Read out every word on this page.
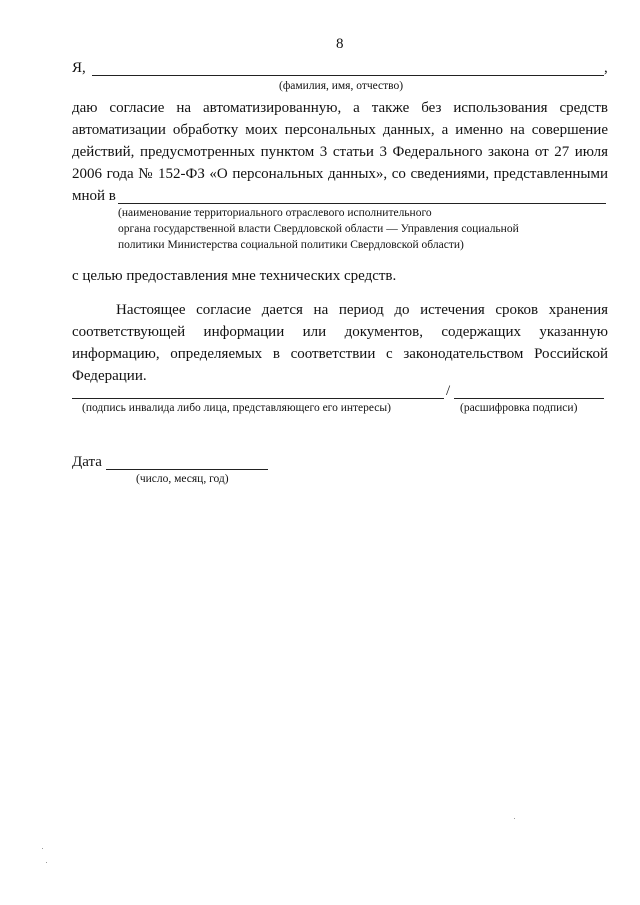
8
Я,	,
(фамилия, имя, отчество)
даю согласие на автоматизированную, а также без использования средств
автоматизации обработку моих персональных данных, а именно на совершение
действий, предусмотренных пунктом 3 статьи 3 Федерального закона от 27 июля
2006 года № 152-ФЗ «О персональных данных», со сведениями, представленными
мной в
(наименование территориального отраслевого исполнительного
органа государственной власти Свердловской области — Управления социальной
политики Министерства социальной политики Свердловской области)
с целью предоставления мне технических средств.
Настоящее согласие дается на период до истечения сроков хранения
соответствующей информации или документов, содержащих указанную
информацию, определяемых в соответствии с законодательством Российской
Федерации.
/
(подпись инвалида либо лица, представляющего его интересы)	(расшифровка подписи)
Дата
(число, месяц, год)
